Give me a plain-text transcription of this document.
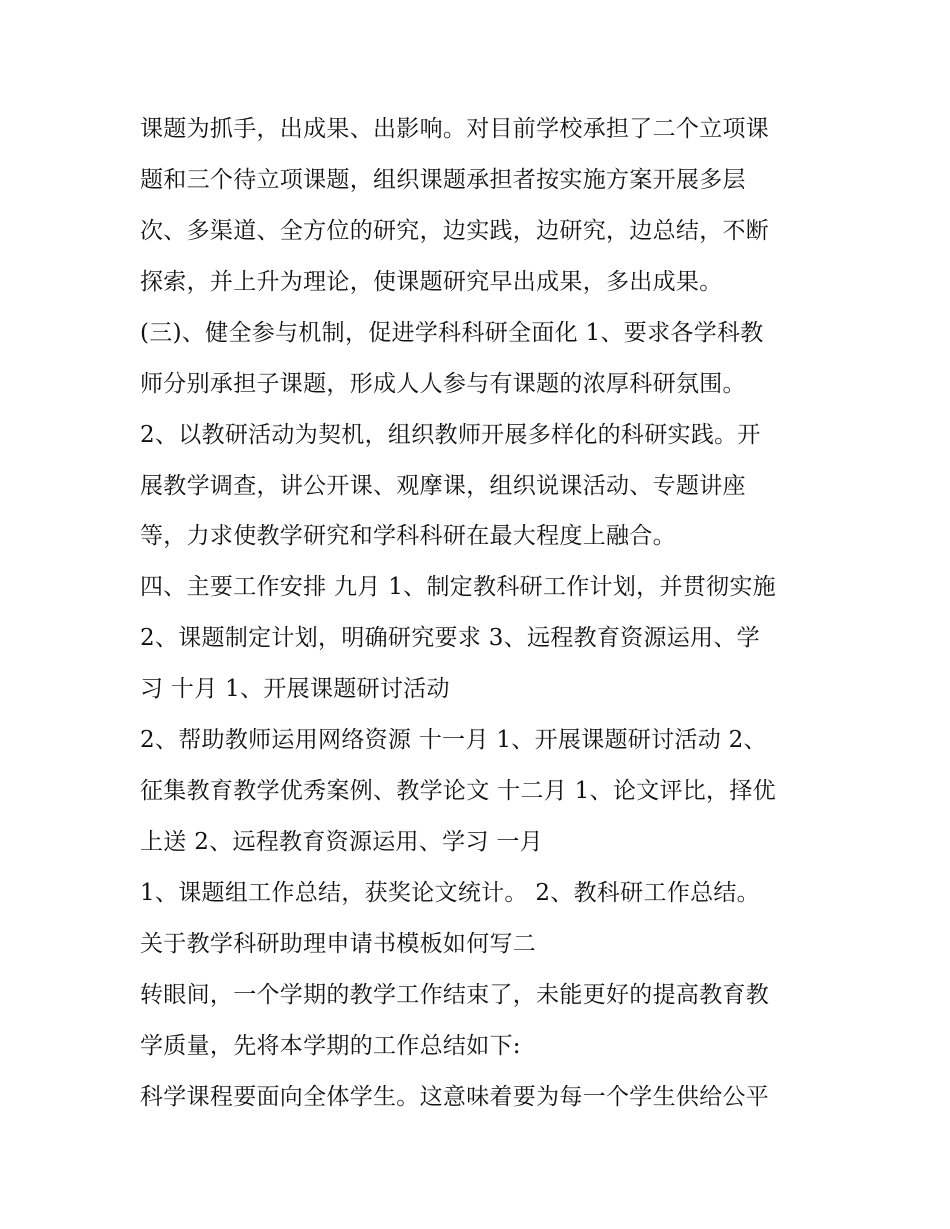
课题为抓手，出成果、出影响。对目前学校承担了二个立项课
题和三个待立项课题，组织课题承担者按实施方案开展多层
次、多渠道、全方位的研究，边实践，边研究，边总结，不断
探索，并上升为理论，使课题研究早出成果，多出成果。
(三)、健全参与机制，促进学科科研全面化 1、要求各学科教
师分别承担子课题，形成人人参与有课题的浓厚科研氛围。
2、以教研活动为契机，组织教师开展多样化的科研实践。开
展教学调查，讲公开课、观摩课，组织说课活动、专题讲座
等，力求使教学研究和学科科研在最大程度上融合。
四、主要工作安排 九月 1、制定教科研工作计划，并贯彻实施
2、课题制定计划，明确研究要求 3、远程教育资源运用、学
习 十月 1、开展课题研讨活动
2、帮助教师运用网络资源 十一月 1、开展课题研讨活动 2、
征集教育教学优秀案例、教学论文 十二月 1、论文评比，择优
上送 2、远程教育资源运用、学习 一月
1、课题组工作总结，获奖论文统计。 2、教科研工作总结。
关于教学科研助理申请书模板如何写二
转眼间，一个学期的教学工作结束了，未能更好的提高教育教
学质量，先将本学期的工作总结如下:
科学课程要面向全体学生。这意味着要为每一个学生供给公平
